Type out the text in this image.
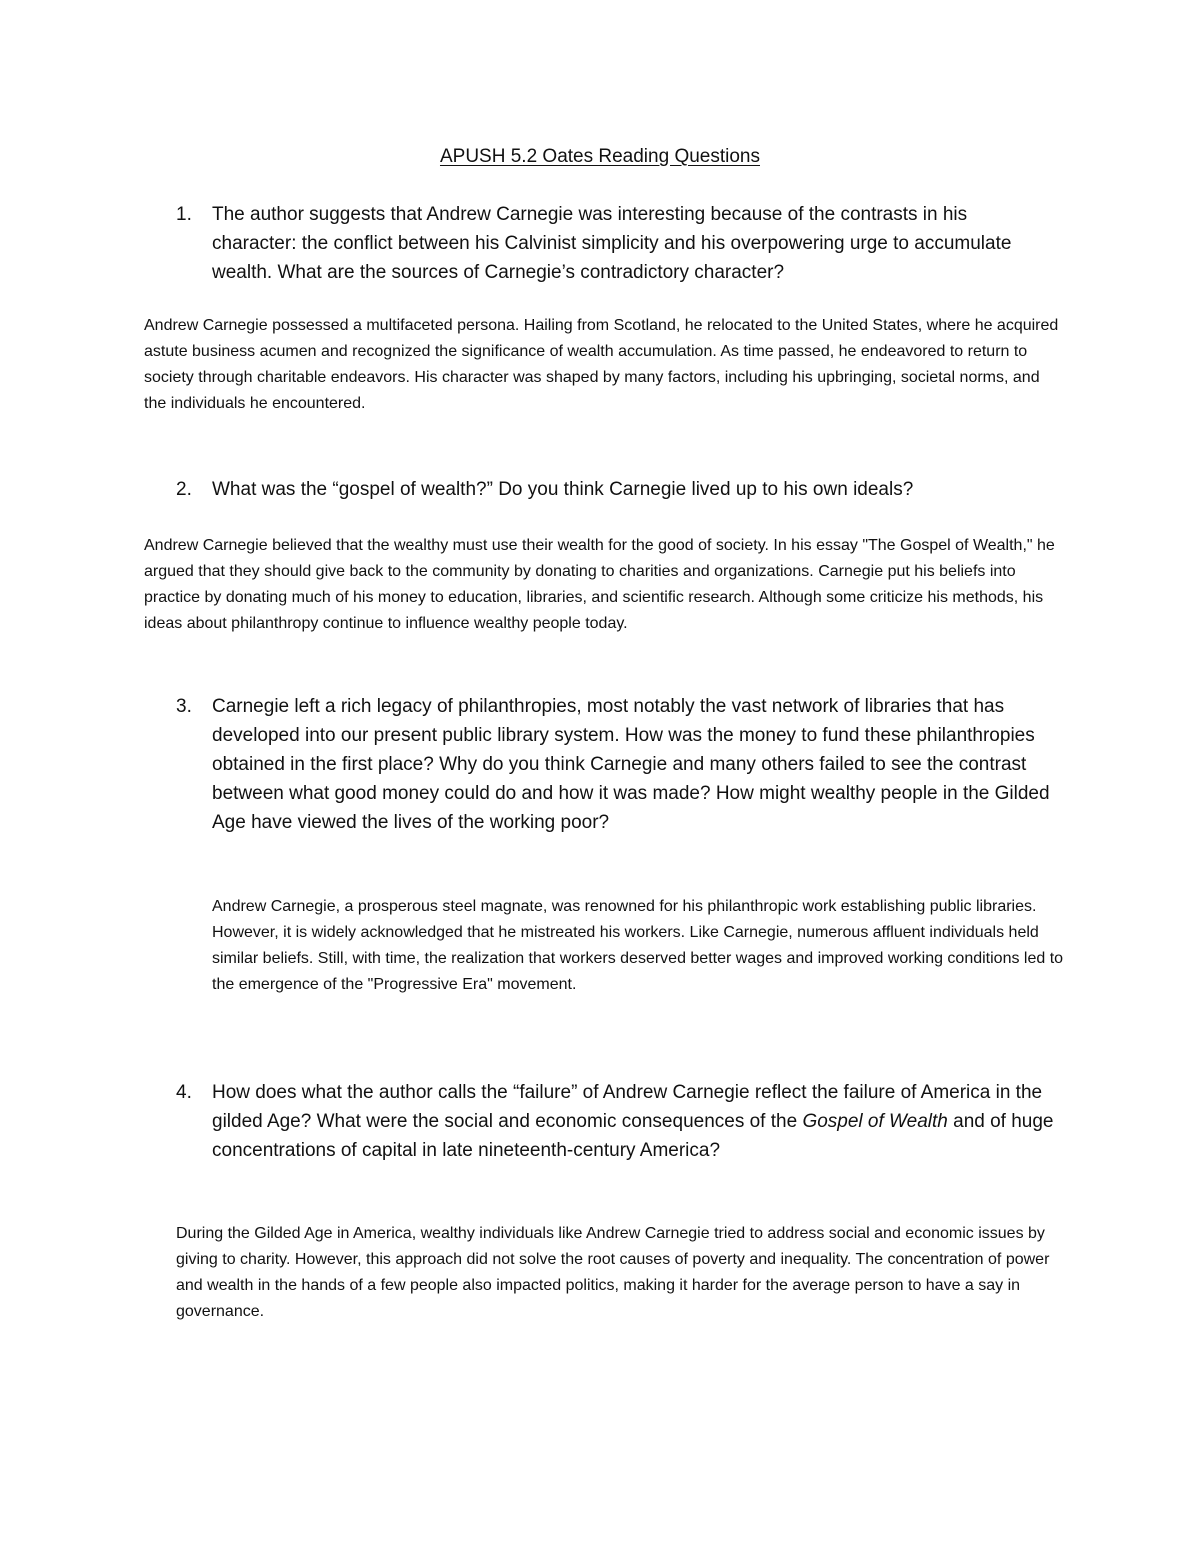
APUSH 5.2 Oates Reading Questions
1.	The author suggests that Andrew Carnegie was interesting because of the contrasts in his character: the conflict between his Calvinist simplicity and his overpowering urge to accumulate wealth. What are the sources of Carnegie’s contradictory character?
Andrew Carnegie possessed a multifaceted persona. Hailing from Scotland, he relocated to the United States, where he acquired astute business acumen and recognized the significance of wealth accumulation. As time passed, he endeavored to return to society through charitable endeavors. His character was shaped by many factors, including his upbringing, societal norms, and the individuals he encountered.
2.	What was the “gospel of wealth?” Do you think Carnegie lived up to his own ideals?
Andrew Carnegie believed that the wealthy must use their wealth for the good of society. In his essay "The Gospel of Wealth," he argued that they should give back to the community by donating to charities and organizations. Carnegie put his beliefs into practice by donating much of his money to education, libraries, and scientific research. Although some criticize his methods, his ideas about philanthropy continue to influence wealthy people today.
3.	Carnegie left a rich legacy of philanthropies, most notably the vast network of libraries that has developed into our present public library system. How was the money to fund these philanthropies obtained in the first place? Why do you think Carnegie and many others failed to see the contrast between what good money could do and how it was made? How might wealthy people in the Gilded Age have viewed the lives of the working poor?
Andrew Carnegie, a prosperous steel magnate, was renowned for his philanthropic work establishing public libraries. However, it is widely acknowledged that he mistreated his workers. Like Carnegie, numerous affluent individuals held similar beliefs. Still, with time, the realization that workers deserved better wages and improved working conditions led to the emergence of the "Progressive Era" movement.
4.	How does what the author calls the “failure” of Andrew Carnegie reflect the failure of America in the gilded Age? What were the social and economic consequences of the Gospel of Wealth and of huge concentrations of capital in late nineteenth-century America?
During the Gilded Age in America, wealthy individuals like Andrew Carnegie tried to address social and economic issues by giving to charity. However, this approach did not solve the root causes of poverty and inequality. The concentration of power and wealth in the hands of a few people also impacted politics, making it harder for the average person to have a say in governance.
